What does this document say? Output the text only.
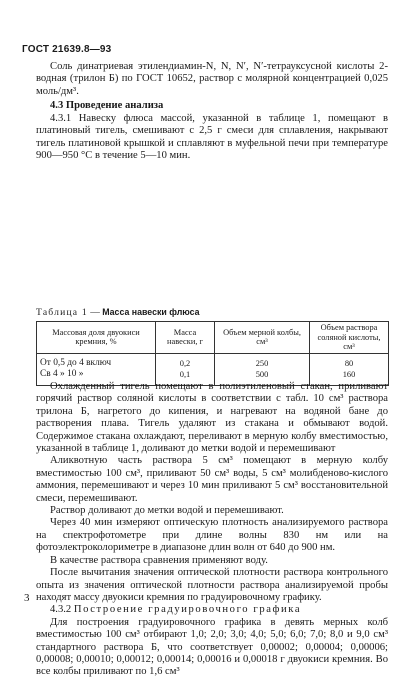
ГОСТ 21639.8—93

Соль динатриевая этилендиамин-N, N, N′, N′-тетрауксусной кислоты 2-водная (трилон Б) по ГОСТ 10652, раствор с молярной концентрацией 0,025 моль/дм³.

4.3 Проведение анализа

4.3.1 Навеску флюса массой, указанной в таблице 1, помещают в платиновый тигель, смешивают с 2,5 г смеси для сплавления, накрывают тигель платиновой крышкой и сплавляют в муфельной печи при температуре 900—950 °С в течение 5—10 мин.

Таблица 1 — Масса навески флюса
Массовая доля двуокиси кремния, %	Масса навески, г	Объем мерной колбы, см³	Объем раствора соляной кислоты, см³
От 0,5 до 4 включ	0,2	250	80
Св 4 » 10 »	0,1	500	160

Охлажденный тигель помещают в полиэтиленовый стакан, приливают горячий раствор соляной кислоты в соответствии с табл. 10 см³ раствора трилона Б, нагретого до кипения, и нагревают на водяной бане до растворения плава. Тигель удаляют из стакана и обмывают водой. Содержимое стакана охлаждают, переливают в мерную колбу вместимостью, указанной в таблице 1, доливают до метки водой и перемешивают

Аликвотную часть раствора 5 см³ помещают в мерную колбу вместимостью 100 см³, приливают 50 см³ воды, 5 см³ молибденово-кислого аммония, перемешивают и через 10 мин приливают 5 см³ восстановительной смеси, перемешивают.

Раствор доливают до метки водой и перемешивают.

Через 40 мин измеряют оптическую плотность анализируемого раствора на спектрофотометре при длине волны 830 нм или на фотоэлектроколориметре в диапазоне длин волн от 640 до 900 нм.

В качестве раствора сравнения применяют воду.

После вычитания значения оптической плотности раствора контрольного опыта из значения оптической плотности раствора анализируемой пробы находят массу двуокиси кремния по градуировочному графику.

4.3.2 Построение градуировочного графика

Для построения градуировочного графика в девять мерных колб вместимостью 100 см³ отбирают 1,0; 2,0; 3,0; 4,0; 5,0; 6,0; 7,0; 8,0 и 9,0 см³ стандартного раствора Б, что соответствует 0,00002; 0,00004; 0,00006; 0,00008; 0,00010; 0,00012; 0,00014; 0,00016 и 0,00018 г двуокиси кремния. Во все колбы приливают по 1,6 см³

3
